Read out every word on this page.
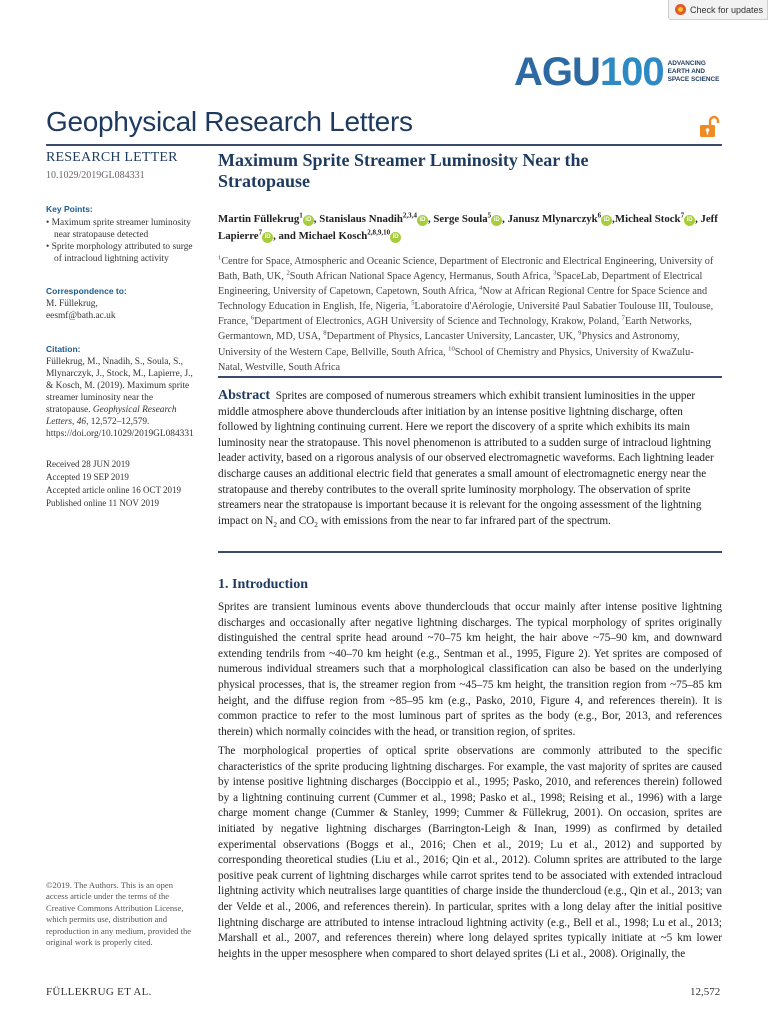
Check for updates
AGU 100 ADVANCING
EARTH AND
SPACE SCIENCE
Geophysical Research Letters
RESEARCH LETTER
10.1029/2019GL084331
Key Points:
• Maximum sprite streamer luminosity near stratopause detected
• Sprite morphology attributed to surge of intracloud lightning activity
Correspondence to:
M. Füllekrug,
eesmf@bath.ac.uk
Citation:
Füllekrug, M., Nnadih, S., Soula, S., Mlynarczyk, J., Stock, M., Lapierre, J., & Kosch, M. (2019). Maximum sprite streamer luminosity near the stratopause. Geophysical Research Letters, 46, 12,572–12,579. https://doi.org/10.1029/2019GL084331
Received 28 JUN 2019
Accepted 19 SEP 2019
Accepted article online 16 OCT 2019
Published online 11 NOV 2019
©2019. The Authors. This is an open access article under the terms of the Creative Commons Attribution License, which permits use, distribution and reproduction in any medium, provided the original work is properly cited.
Maximum Sprite Streamer Luminosity Near the Stratopause
Martin Füllekrug$^1$iD , Stanislaus Nnadih$^{2,3,4}$iD , Serge Soula$^5$iD , Janusz Mlynarczyk$^6$iD ,Micheal Stock$^7$iD , Jeff Lapierre$^7$iD , and Michael Kosch$^{2,8,9,10}$iD
$^1$Centre for Space, Atmospheric and Oceanic Science, Department of Electronic and Electrical Engineering, University of Bath, Bath, UK, $^2$South African National Space Agency, Hermanus, South Africa, $^3$SpaceLab, Department of Electrical Engineering, University of Capetown, Capetown, South Africa, $^4$Now at African Regional Centre for Space Science and Technology Education in English, Ife, Nigeria, $^5$Laboratoire d'Aérologie, Université Paul Sabatier Toulouse III, Toulouse, France, $^6$Department of Electronics, AGH University of Science and Technology, Krakow, Poland, $^7$Earth Networks, Germantown, MD, USA, $^8$Department of Physics, Lancaster University, Lancaster, UK, $^9$Physics and Astronomy, University of the Western Cape, Bellville, South Africa, $^{10}$School of Chemistry and Physics, University of KwaZulu-Natal, Westville, South Africa
Abstract Sprites are composed of numerous streamers which exhibit transient luminosities in the upper middle atmosphere above thunderclouds after initiation by an intense positive lightning discharge, often followed by lightning continuing current. Here we report the discovery of a sprite which exhibits its main luminosity near the stratopause. This novel phenomenon is attributed to a sudden surge of intracloud lightning leader activity, based on a rigorous analysis of our observed electromagnetic waveforms. Each lightning leader discharge causes an additional electric field that generates a small amount of electromagnetic energy near the stratopause and thereby contributes to the overall sprite luminosity morphology. The observation of sprite streamers near the stratopause is important because it is relevant for the ongoing assessment of the lightning impact on $N_2$ and $CO_2$ with emissions from the near to far infrared part of the spectrum.
1. Introduction
Sprites are transient luminous events above thunderclouds that occur mainly after intense positive lightning discharges and occasionally after negative lightning discharges. The typical morphology of sprites originally distinguished the central sprite head around ~70–75 km height, the hair above ~75–90 km, and downward extending tendrils from ~40–70 km height (e.g., Sentman et al., 1995, Figure 2). Yet sprites are composed of numerous individual streamers such that a morphological classification can also be based on the underlying physical processes, that is, the streamer region from ~45–75 km height, the transition region from ~75–85 km height, and the diffuse region from ~85–95 km (e.g., Pasko, 2010, Figure 4, and references therein). It is common practice to refer to the most luminous part of sprites as the body (e.g., Bor, 2013, and references therein) which normally coincides with the head, or transition region, of sprites.
The morphological properties of optical sprite observations are commonly attributed to the specific characteristics of the sprite producing lightning discharges. For example, the vast majority of sprites are caused by intense positive lightning discharges (Boccippio et al., 1995; Pasko, 2010, and references therein) followed by a lightning continuing current (Cummer et al., 1998; Pasko et al., 1998; Reising et al., 1996) with a large charge moment change (Cummer & Stanley, 1999; Cummer & Füllekrug, 2001). On occasion, sprites are initiated by negative lightning discharges (Barrington-Leigh & Inan, 1999) as confirmed by detailed experimental observations (Boggs et al., 2016; Chen et al., 2019; Lu et al., 2012) and supported by corresponding theoretical studies (Liu et al., 2016; Qin et al., 2012). Column sprites are attributed to the large positive peak current of lightning discharges while carrot sprites tend to be associated with extended intracloud lightning activity which neutralises large quantities of charge inside the thundercloud (e.g., Qin et al., 2013; van der Velde et al., 2006, and references therein). In particular, sprites with a long delay after the initial positive lightning discharge are attributed to intense intracloud lightning activity (e.g., Bell et al., 1998; Lu et al., 2013; Marshall et al., 2007, and references therein) where long delayed sprites typically initiate at ~5 km lower heights in the upper mesosphere when compared to short delayed sprites (Li et al., 2008). Originally, the
FÜLLEKRUG ET AL.	12,572
